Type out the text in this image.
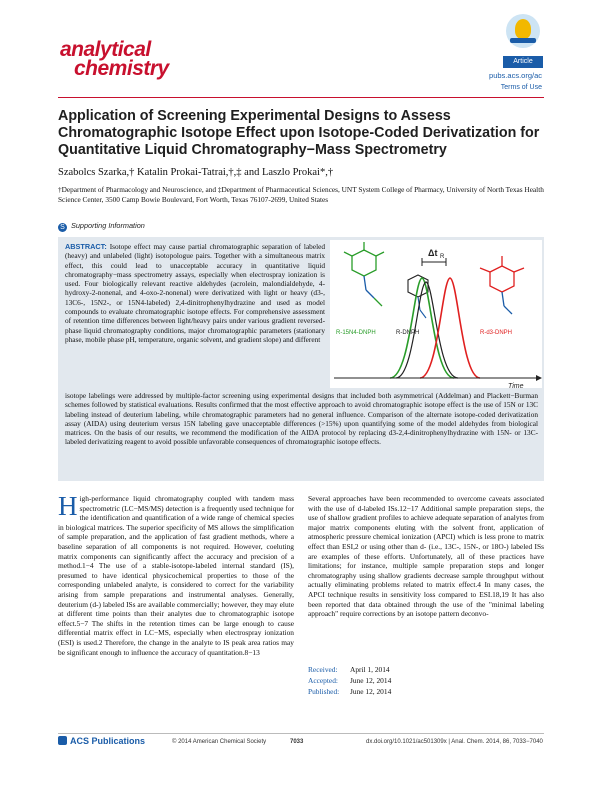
analytical
chemistry	Article
pubs.acs.org/ac
Terms of Use
Application of Screening Experimental Designs to Assess Chromatographic Isotope Effect upon Isotope-Coded Derivatization for Quantitative Liquid Chromatography−Mass Spectrometry
Szabolcs Szarka,† Katalin Prokai-Tatrai,†,‡ and Laszlo Prokai*,†
†Department of Pharmacology and Neuroscience, and ‡Department of Pharmaceutical Sciences, UNT System College of Pharmacy, University of North Texas Health Science Center, 3500 Camp Bowie Boulevard, Fort Worth, Texas 76107-2699, United States
S Supporting Information
ABSTRACT: Isotope effect may cause partial chromatographic separation of labeled (heavy) and unlabeled (light) isotopologue pairs. Together with a simultaneous matrix effect, this could lead to unacceptable accuracy in quantitative liquid chromatography−mass spectrometry assays, especially when electrospray ionization is used. Four biologically relevant reactive aldehydes (acrolein, malondialdehyde, 4-hydroxy-2-nonenal, and 4-oxo-2-nonenal) were derivatized with light or heavy (d3-, 13C6-, 15N2-, or 15N4-labeled) 2,4-dinitrophenylhydrazine and used as model compounds to evaluate chromatographic isotope effects. For comprehensive assessment of retention time differences between light/heavy pairs under various gradient reversed-phase liquid chromatography conditions, major chromatographic parameters (stationary phase, mobile phase pH, temperature, organic solvent, and gradient slope) and different
Δt R
R-15N4-DNPH	R-DNPH	R-d3-DNPH
Time
isotope labelings were addressed by multiple-factor screening using experimental designs that included both asymmetrical (Addelman) and Plackett−Burman schemes followed by statistical evaluations. Results confirmed that the most effective approach to avoid chromatographic isotope effect is the use of 15N or 13C labeling instead of deuterium labeling, while chromatographic parameters had no general influence. Comparison of the alternate isotope-coded derivatization assay (AIDA) using deuterium versus 15N labeling gave unacceptable differences (>15%) upon quantifying some of the model aldehydes from biological matrices. On the basis of our results, we recommend the modification of the AIDA protocol by replacing d3-2,4-dinitrophenylhydrazine with 15N- or 13C-labeled derivatizing reagent to avoid possible unfavorable consequences of chromatographic isotope effects.
High-performance liquid chromatography coupled with tandem mass spectrometric (LC−MS/MS) detection is a frequently used technique for the identification and quantification of a wide range of chemical species in biological matrices. The superior specificity of MS allows the simplification of sample preparation, and the application of fast gradient methods, where a baseline separation of all components is not required. However, coeluting matrix components can significantly affect the accuracy and precision of a method.1−4 The use of a stable-isotope-labeled internal standard (IS), presumed to have identical physicochemical properties to those of the corresponding unlabeled analyte, is considered to correct for the variability arising from sample preparations and instrumental analyses. Generally, deuterium (d-) labeled ISs are available commercially; however, they may elute at different time points than their analytes due to chromatographic isotope effect.5−7 The shifts in the retention times can be large enough to cause differential matrix effect in LC−MS, especially when electrospray ionization (ESI) is used.2 Therefore, the change in the analyte to IS peak area ratios may be significant enough to influence the accuracy of quantitation.8−13
Several approaches have been recommended to overcome caveats associated with the use of d-labeled ISs.12−17 Additional sample preparation steps, the use of shallow gradient profiles to achieve adequate separation of analytes from major matrix components eluting with the solvent front, application of atmospheric pressure chemical ionization (APCI) which is less prone to matrix effect than ESI,2 or using other than d- (i.e., 13C-, 15N-, or 18O-) labeled ISs are examples of these efforts. Unfortunately, all of these practices have limitations; for instance, multiple sample preparation steps and longer chromatography using shallow gradients decrease sample throughput without actually eliminating problems related to matrix effect.4 In many cases, the APCI technique results in sensitivity loss compared to ESI.18,19 It has also been reported that data obtained through the use of the "minimal labeling approach" require corrections by an isotope pattern deconvo-
Received: April 1, 2014
Accepted: June 12, 2014
Published: June 12, 2014
ACS Publications	© 2014 American Chemical Society	7033	dx.doi.org/10.1021/ac501309x | Anal. Chem. 2014, 86, 7033−7040
